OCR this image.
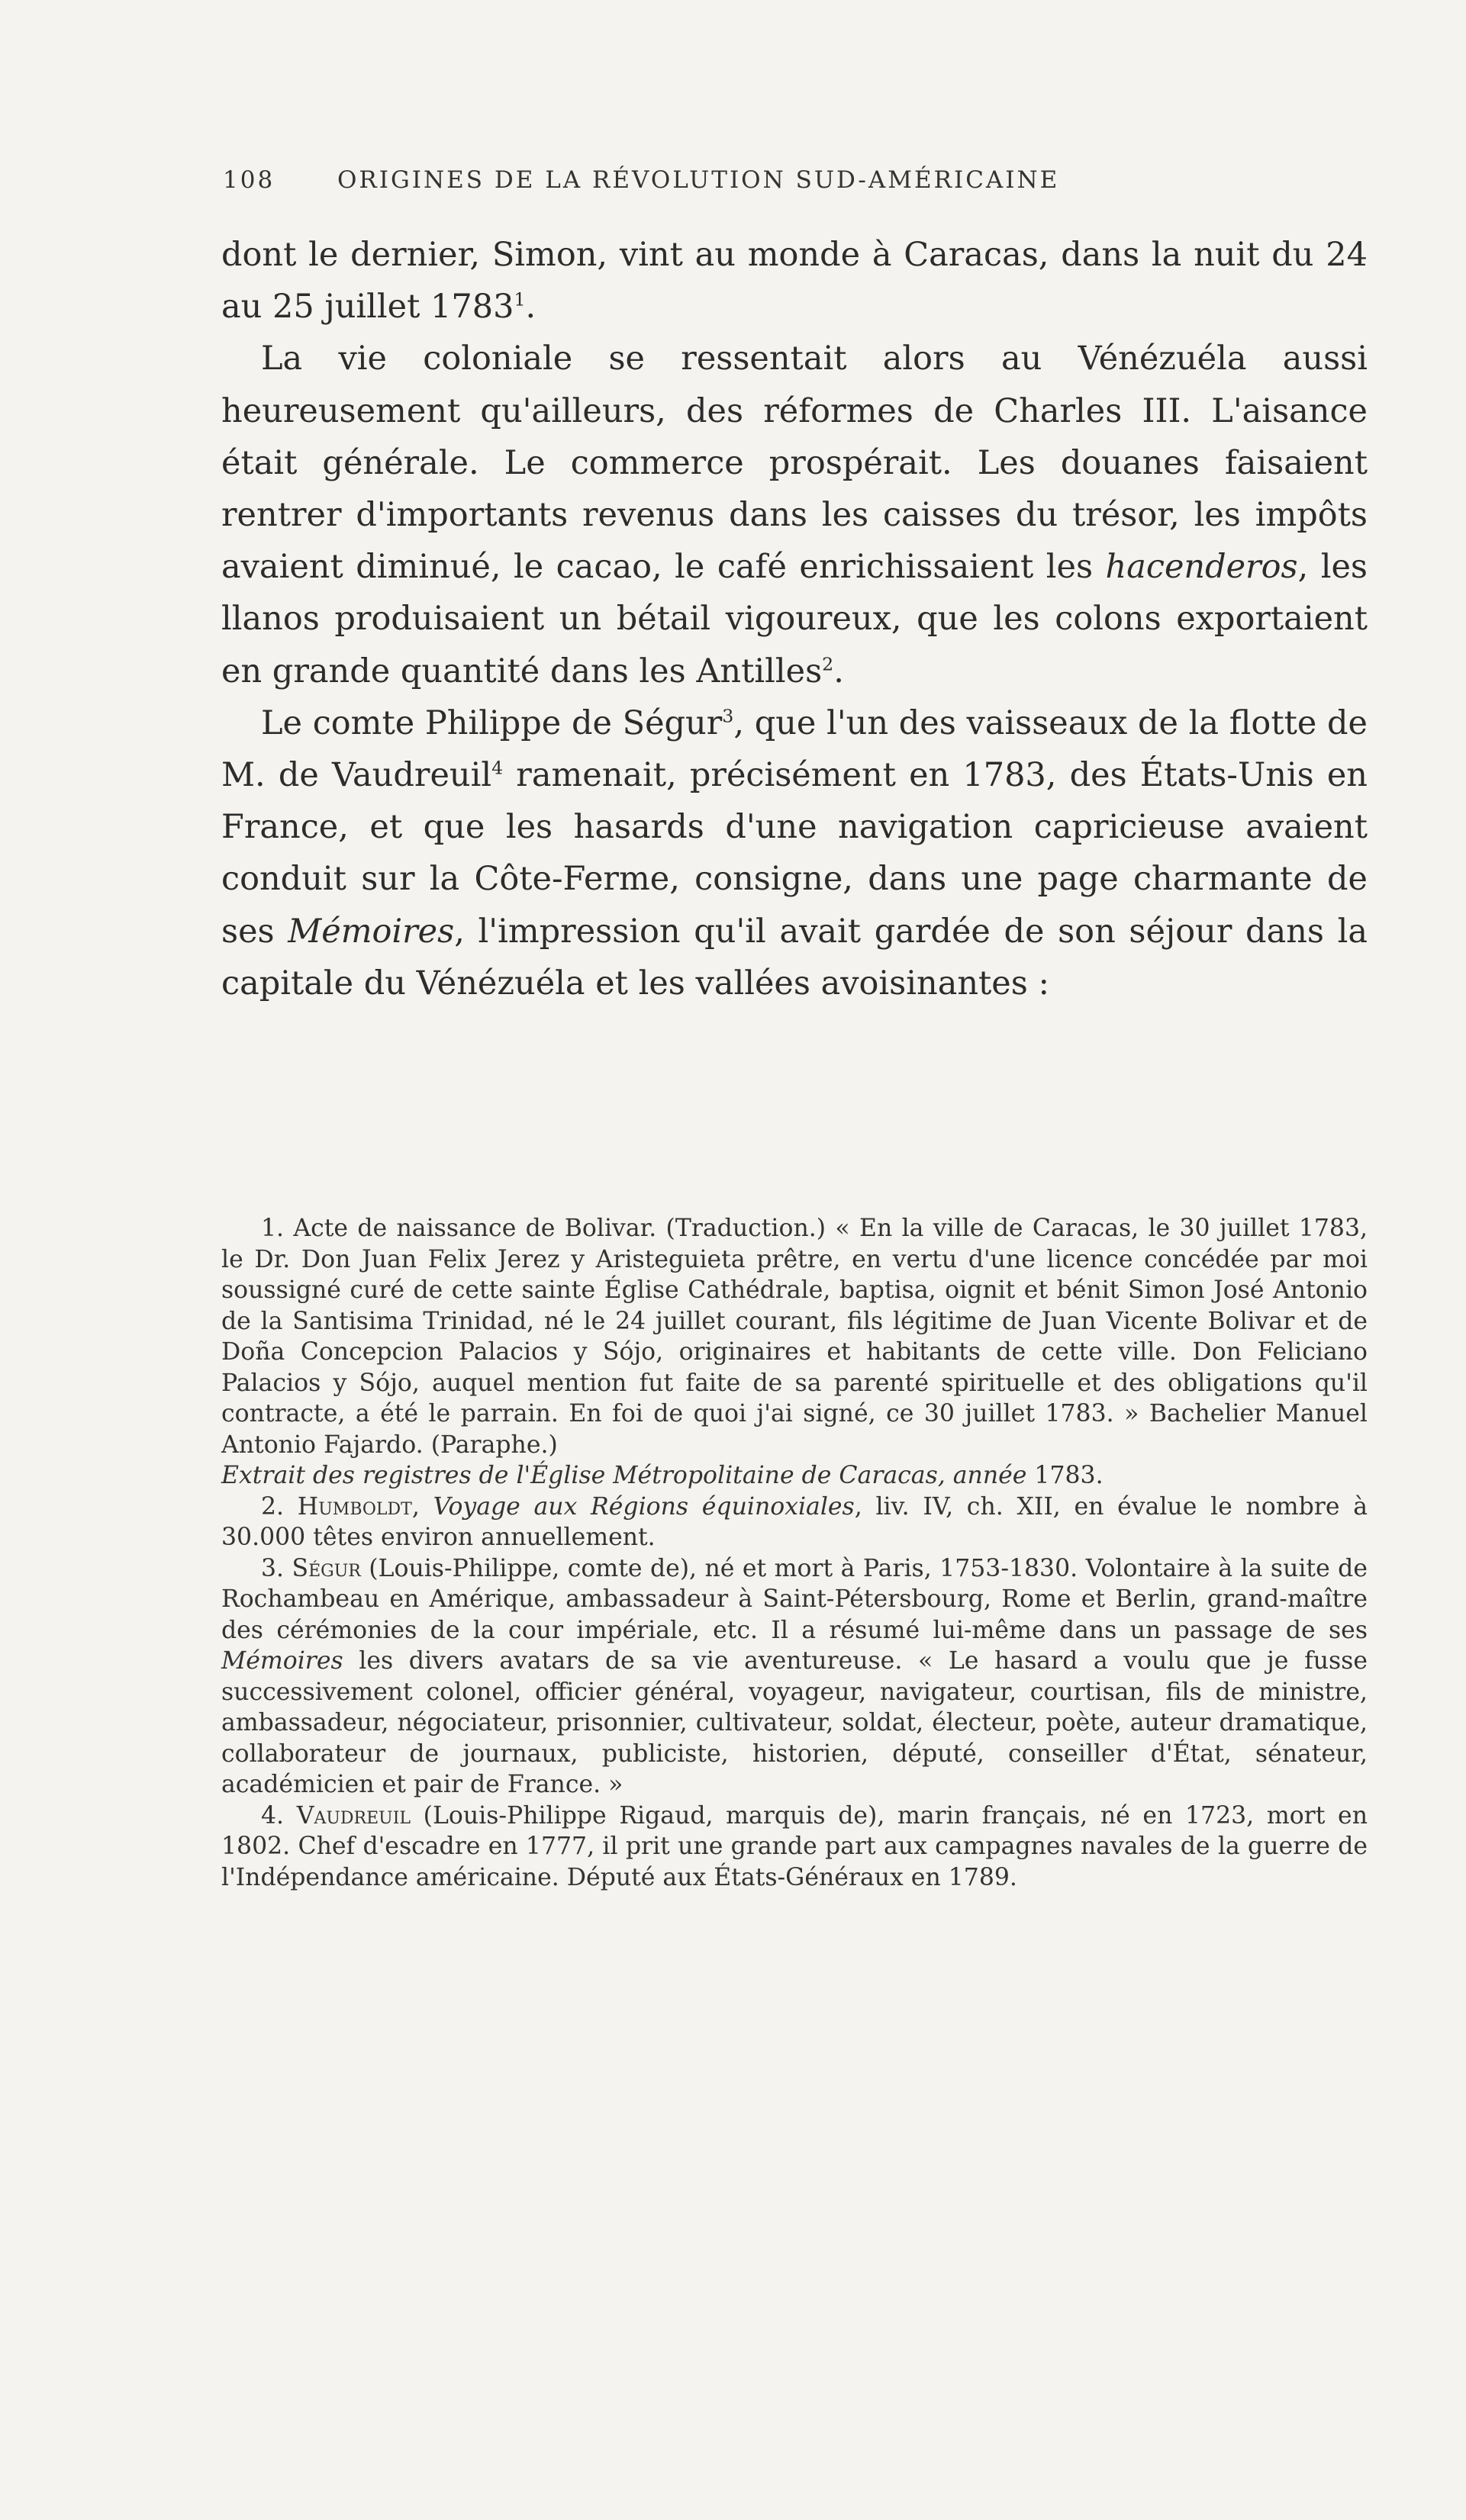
108	ORIGINES DE LA RÉVOLUTION SUD-AMÉRICAINE

dont le dernier, Simon, vint au monde à Caracas, dans la nuit du 24 au 25 juillet 1783$^1$.

La vie coloniale se ressentait alors au Vénézuéla aussi heureusement qu'ailleurs, des réformes de Charles III. L'aisance était générale. Le commerce prospérait. Les douanes faisaient rentrer d'importants revenus dans les caisses du trésor, les impôts avaient diminué, le cacao, le café enrichissaient les hacenderos, les llanos produisaient un bétail vigoureux, que les colons exportaient en grande quantité dans les Antilles$^2$.

Le comte Philippe de Ségur$^3$, que l'un des vaisseaux de la flotte de M. de Vaudreuil$^4$ ramenait, précisément en 1783, des États-Unis en France, et que les hasards d'une navigation capricieuse avaient conduit sur la Côte-Ferme, consigne, dans une page charmante de ses Mémoires, l'impression qu'il avait gardée de son séjour dans la capitale du Vénézuéla et les vallées avoisinantes :

1. Acte de naissance de Bolivar. (Traduction.) « En la ville de Caracas, le 30 juillet 1783, le Dr. Don Juan Felix Jerez y Aristeguieta prêtre, en vertu d'une licence concédée par moi soussigné curé de cette sainte Église Cathédrale, baptisa, oignit et bénit Simon José Antonio de la Santisima Trinidad, né le 24 juillet courant, fils légitime de Juan Vicente Bolivar et de Doña Concepcion Palacios y Sójo, originaires et habitants de cette ville. Don Feliciano Palacios y Sójo, auquel mention fut faite de sa parenté spirituelle et des obligations qu'il contracte, a été le parrain. En foi de quoi j'ai signé, ce 30 juillet 1783. » Bachelier Manuel Antonio Fajardo. (Paraphe.)
Extrait des registres de l'Église Métropolitaine de Caracas, année 1783.

2. Humboldt, Voyage aux Régions équinoxiales, liv. IV, ch. XII, en évalue le nombre à 30.000 têtes environ annuellement.

3. Ségur (Louis-Philippe, comte de), né et mort à Paris, 1753-1830. Volontaire à la suite de Rochambeau en Amérique, ambassadeur à Saint-Pétersbourg, Rome et Berlin, grand-maître des cérémonies de la cour impériale, etc. Il a résumé lui-même dans un passage de ses Mémoires les divers avatars de sa vie aventureuse. « Le hasard a voulu que je fusse successivement colonel, officier général, voyageur, navigateur, courtisan, fils de ministre, ambassadeur, négociateur, prisonnier, cultivateur, soldat, électeur, poète, auteur dramatique, collaborateur de journaux, publiciste, historien, député, conseiller d'État, sénateur, académicien et pair de France. »

4. Vaudreuil (Louis-Philippe Rigaud, marquis de), marin français, né en 1723, mort en 1802. Chef d'escadre en 1777, il prit une grande part aux campagnes navales de la guerre de l'Indépendance américaine. Député aux États-Généraux en 1789.
